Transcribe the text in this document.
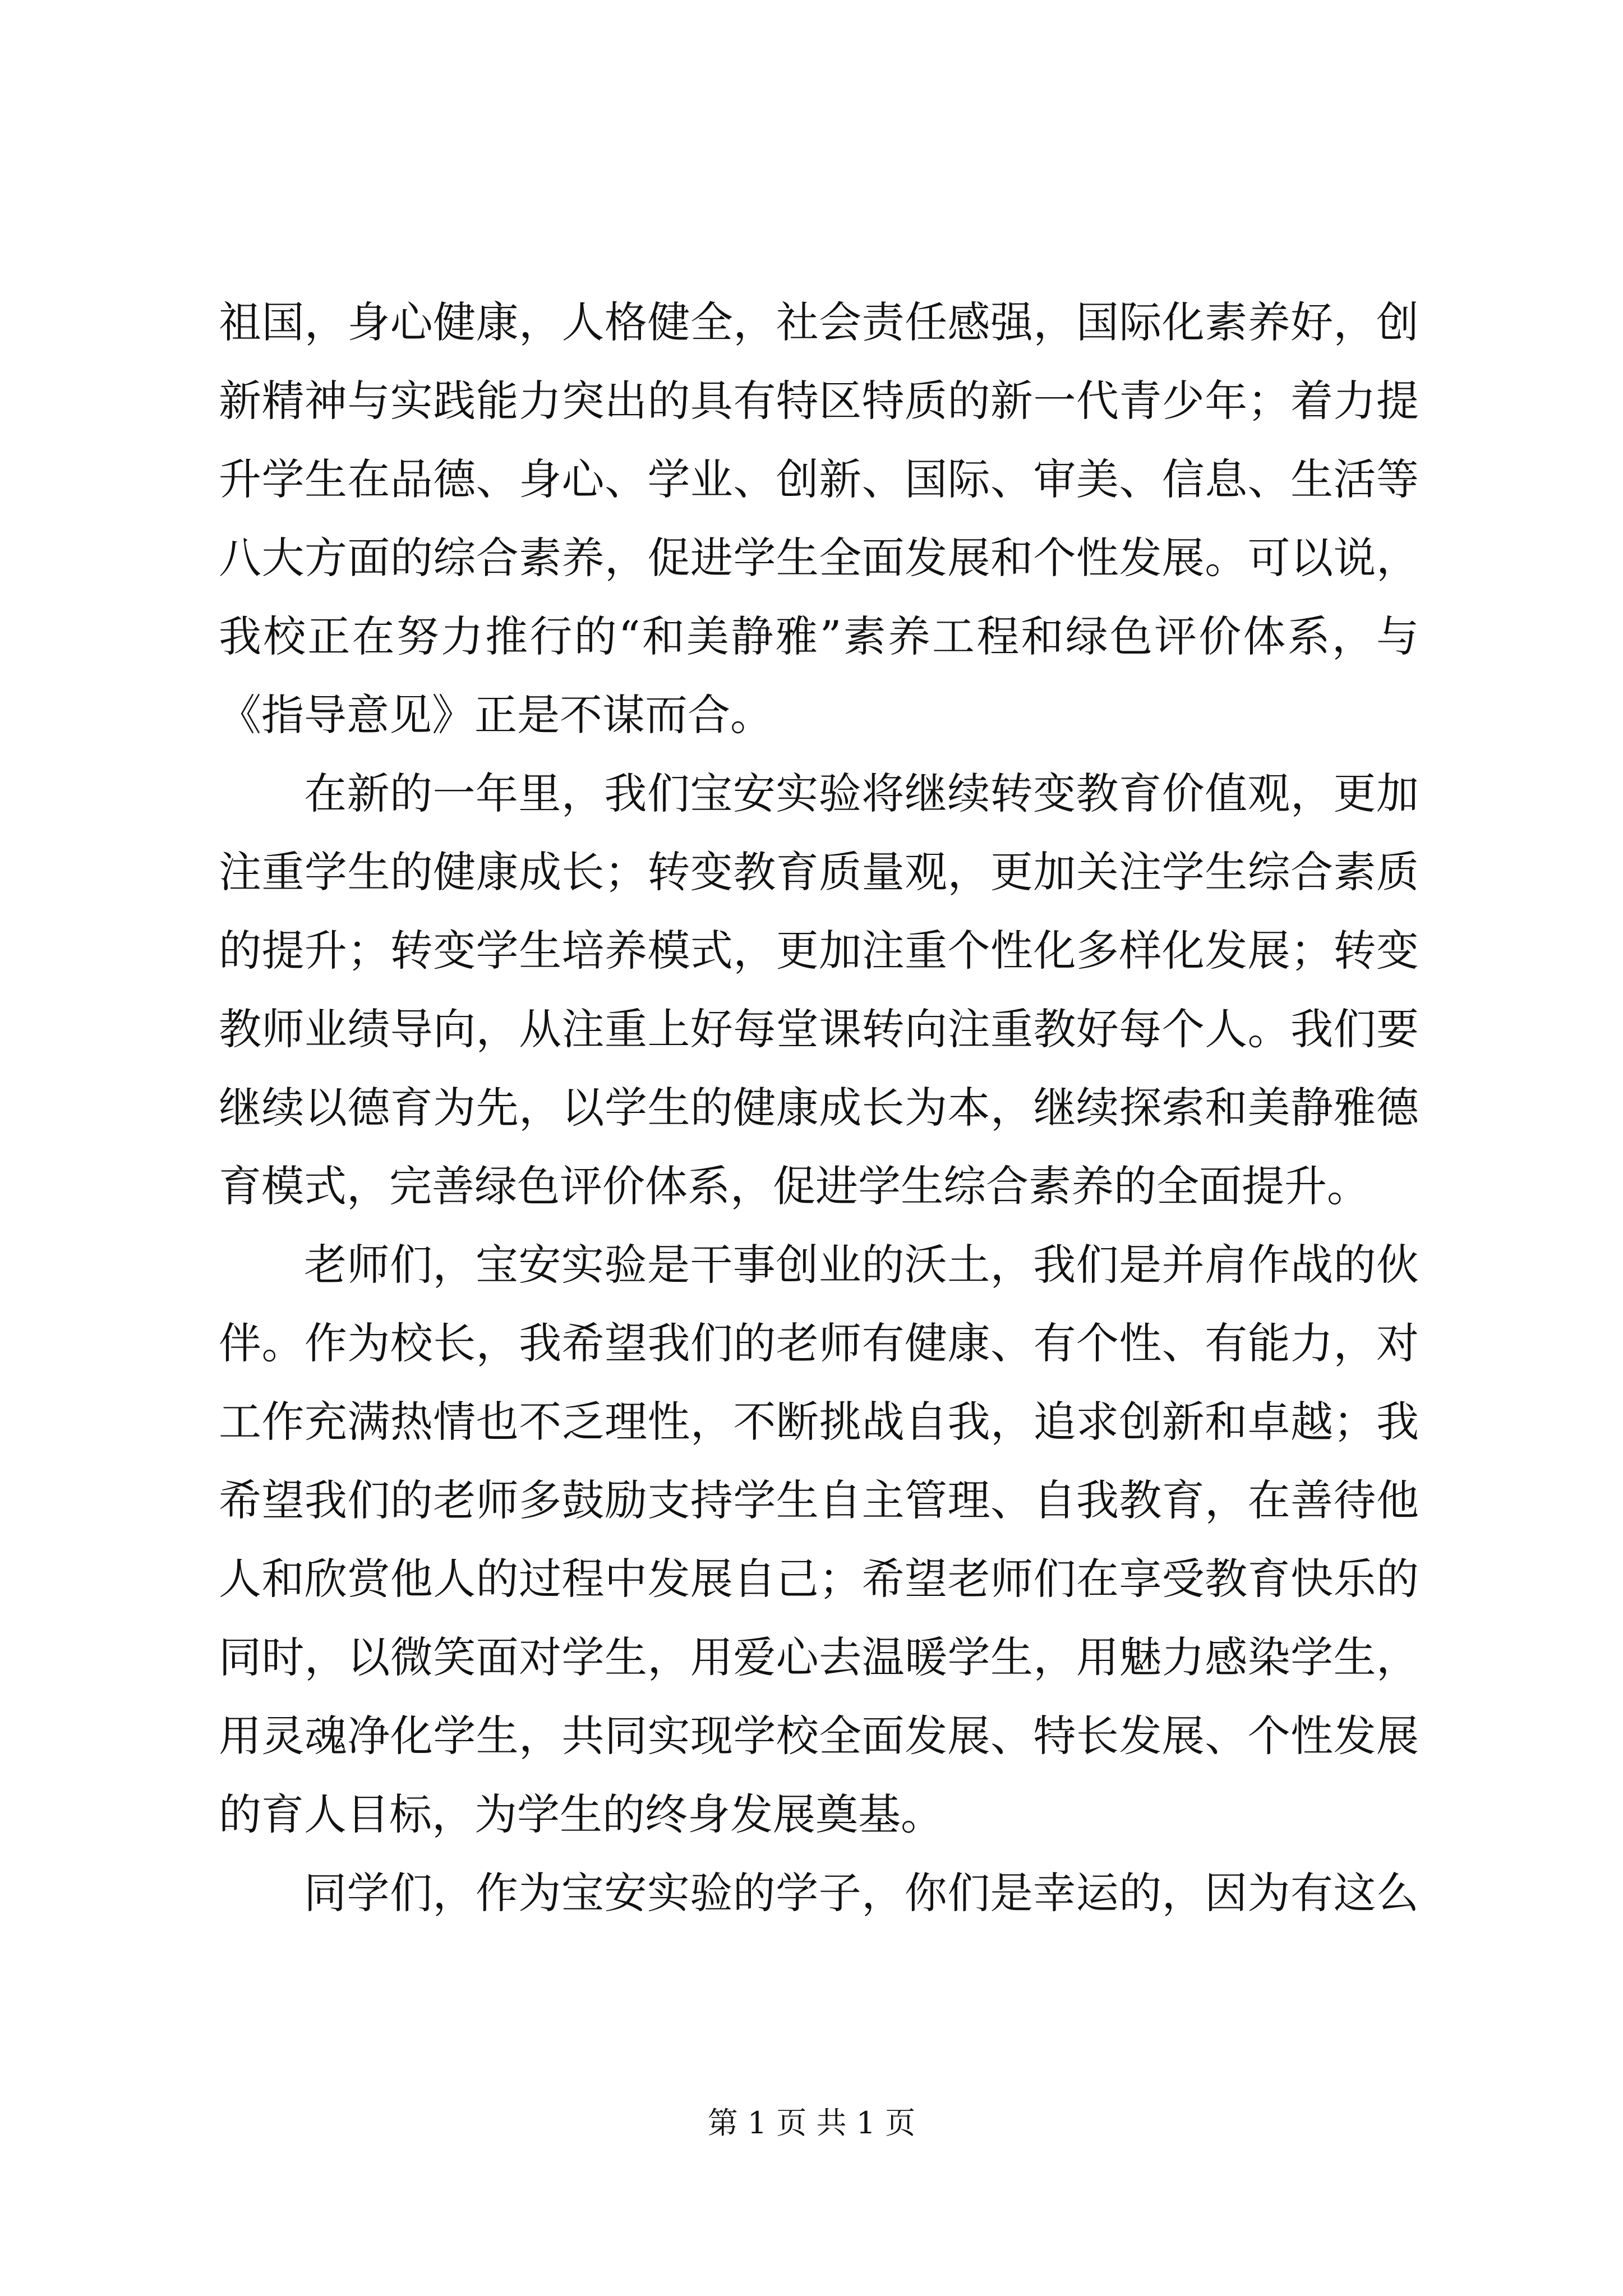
祖国，身心健康，人格健全，社会责任感强，国际化素养好，创
新精神与实践能力突出的具有特区特质的新一代青少年；着力提
升学生在品德、身心、学业、创新、国际、审美、信息、生活等
八大方面的综合素养，促进学生全面发展和个性发展。可以说，
我校正在努力推行的“和美静雅”素养工程和绿色评价体系，与
《指导意见》正是不谋而合。
在新的一年里，我们宝安实验将继续转变教育价值观，更加
注重学生的健康成长；转变教育质量观，更加关注学生综合素质
的提升；转变学生培养模式，更加注重个性化多样化发展；转变
教师业绩导向，从注重上好每堂课转向注重教好每个人。我们要
继续以德育为先，以学生的健康成长为本，继续探索和美静雅德
育模式，完善绿色评价体系，促进学生综合素养的全面提升。
老师们，宝安实验是干事创业的沃土，我们是并肩作战的伙
伴。作为校长，我希望我们的老师有健康、有个性、有能力，对
工作充满热情也不乏理性，不断挑战自我，追求创新和卓越；我
希望我们的老师多鼓励支持学生自主管理、自我教育，在善待他
人和欣赏他人的过程中发展自己；希望老师们在享受教育快乐的
同时，以微笑面对学生，用爱心去温暖学生，用魅力感染学生，
用灵魂净化学生，共同实现学校全面发展、特长发展、个性发展
的育人目标，为学生的终身发展奠基。
同学们，作为宝安实验的学子，你们是幸运的，因为有这么
第 1 页 共 1 页
